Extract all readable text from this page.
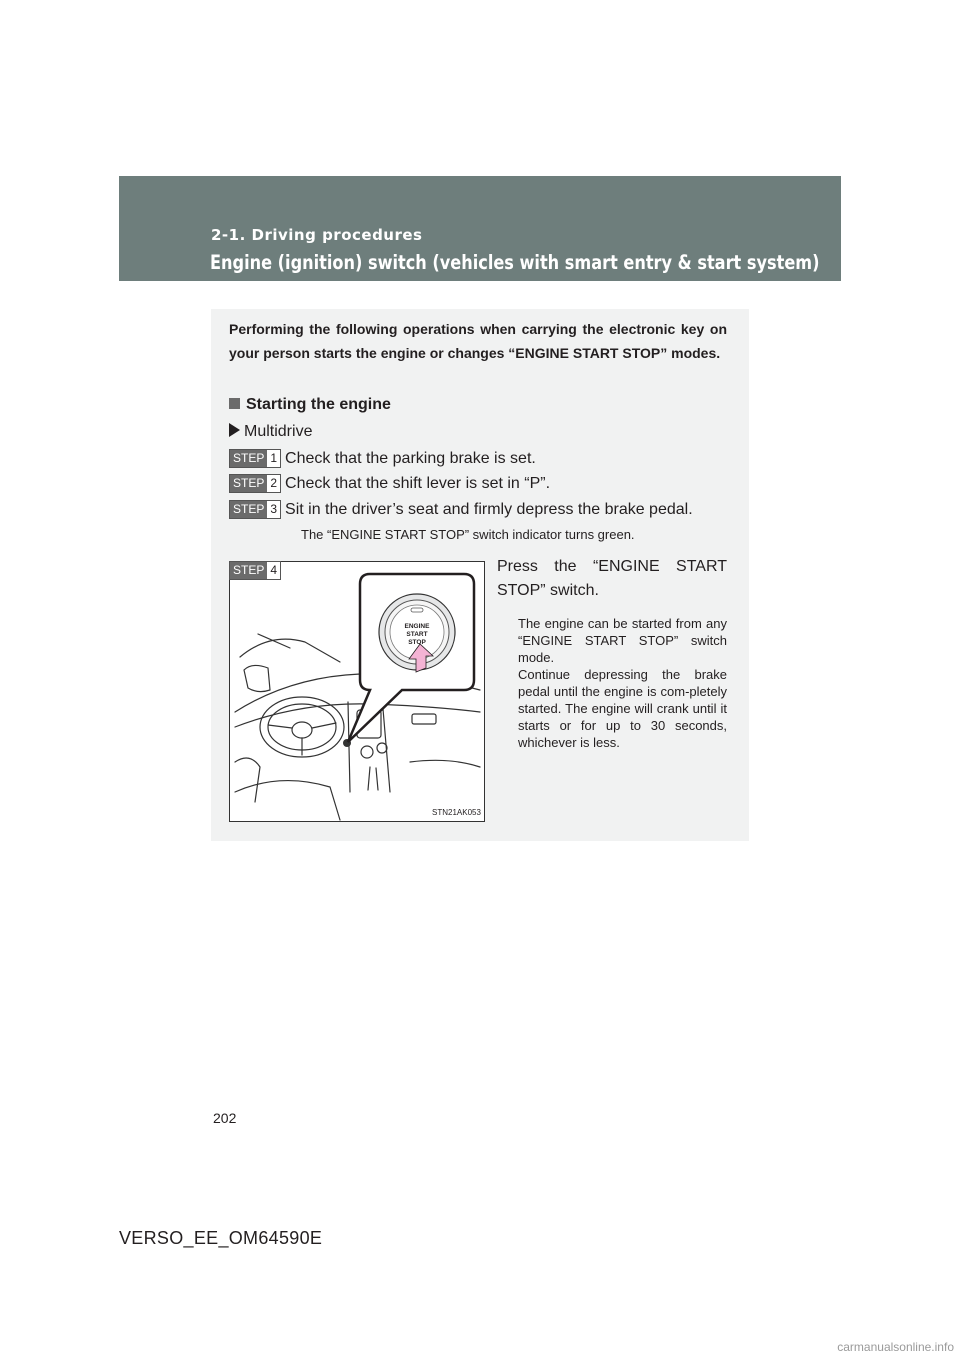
2-1. Driving procedures
Engine (ignition) switch (vehicles with smart entry & start system)
Performing the following operations when carrying the electronic key on your person starts the engine or changes “ENGINE START STOP” modes.
Starting the engine
Multidrive
STEP 1 Check that the parking brake is set.
STEP 2 Check that the shift lever is set in “P”.
STEP 3 Sit in the driver’s seat and firmly depress the brake pedal.
The “ENGINE START STOP” switch indicator turns green.
ENGINE
START
STOP
STEP 4
STN21AK053
Press the “ENGINE START STOP” switch.

The engine can be started from any “ENGINE START STOP” switch mode.

Continue depressing the brake pedal until the engine is com-pletely started. The engine will crank until it starts or for up to 30 seconds, whichever is less.

202
VERSO_EE_OM64590E
carmanualsonline.info
